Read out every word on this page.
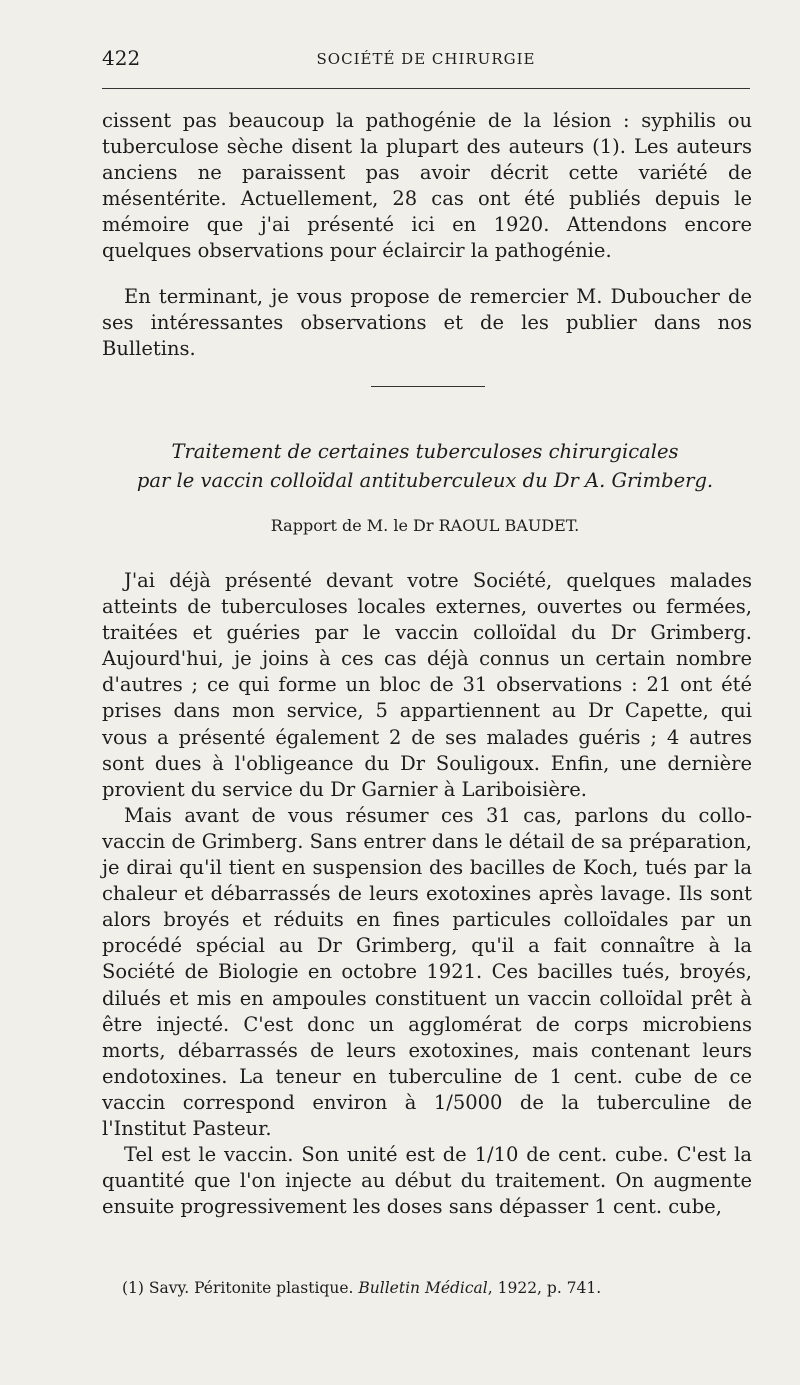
422	SOCIÉTÉ DE CHIRURGIE

cissent pas beaucoup la pathogénie de la lésion : syphilis ou tuberculose sèche disent la plupart des auteurs (1). Les auteurs anciens ne paraissent pas avoir décrit cette variété de mésentérite. Actuellement, 28 cas ont été publiés depuis le mémoire que j'ai présenté ici en 1920. Attendons encore quelques observations pour éclaircir la pathogénie.

En terminant, je vous propose de remercier M. Duboucher de ses intéressantes observations et de les publier dans nos Bulletins.

Traitement de certaines tuberculoses chirurgicales
par le vaccin colloïdal antituberculeux du Dr A. Grimberg.
Rapport de M. le Dr RAOUL BAUDET.

J'ai déjà présenté devant votre Société, quelques malades atteints de tuberculoses locales externes, ouvertes ou fermées, traitées et guéries par le vaccin colloïdal du Dr Grimberg. Aujourd'hui, je joins à ces cas déjà connus un certain nombre d'autres ; ce qui forme un bloc de 31 observations : 21 ont été prises dans mon service, 5 appartiennent au Dr Capette, qui vous a présenté également 2 de ses malades guéris ; 4 autres sont dues à l'obligeance du Dr Souligoux. Enfin, une dernière provient du service du Dr Garnier à Lariboisière.

Mais avant de vous résumer ces 31 cas, parlons du collo-vaccin de Grimberg. Sans entrer dans le détail de sa préparation, je dirai qu'il tient en suspension des bacilles de Koch, tués par la chaleur et débarrassés de leurs exotoxines après lavage. Ils sont alors broyés et réduits en fines particules colloïdales par un procédé spécial au Dr Grimberg, qu'il a fait connaître à la Société de Biologie en octobre 1921. Ces bacilles tués, broyés, dilués et mis en ampoules constituent un vaccin colloïdal prêt à être injecté. C'est donc un agglomérat de corps microbiens morts, débarrassés de leurs exotoxines, mais contenant leurs endotoxines. La teneur en tuberculine de 1 cent. cube de ce vaccin correspond environ à 1/5000 de la tuberculine de l'Institut Pasteur.

Tel est le vaccin. Son unité est de 1/10 de cent. cube. C'est la quantité que l'on injecte au début du traitement. On augmente ensuite progressivement les doses sans dépasser 1 cent. cube,

(1) Savy. Péritonite plastique. Bulletin Médical, 1922, p. 741.
